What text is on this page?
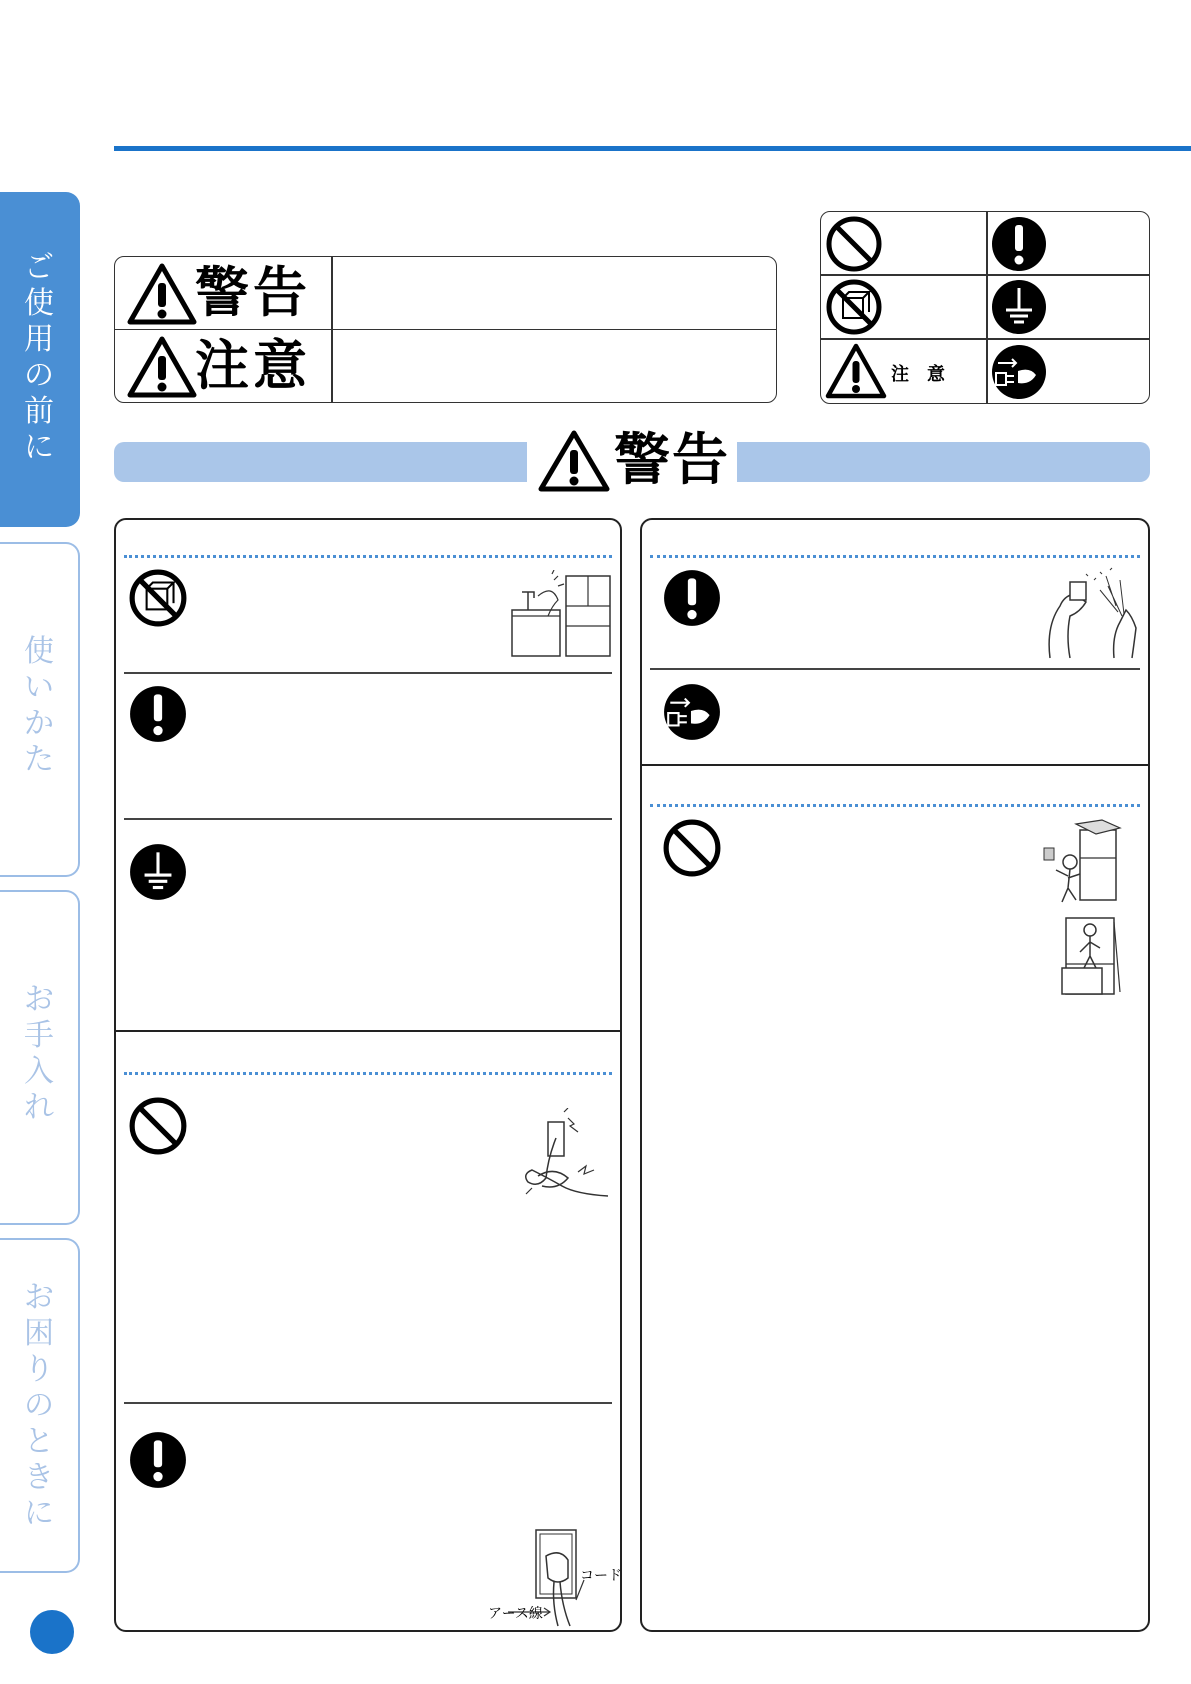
ご
使
用
の
前
に
使
い
か
た
お
手
入
れ
お
困
り
の
と
き
に
警告
注意	注意
警告
コード
アース線
